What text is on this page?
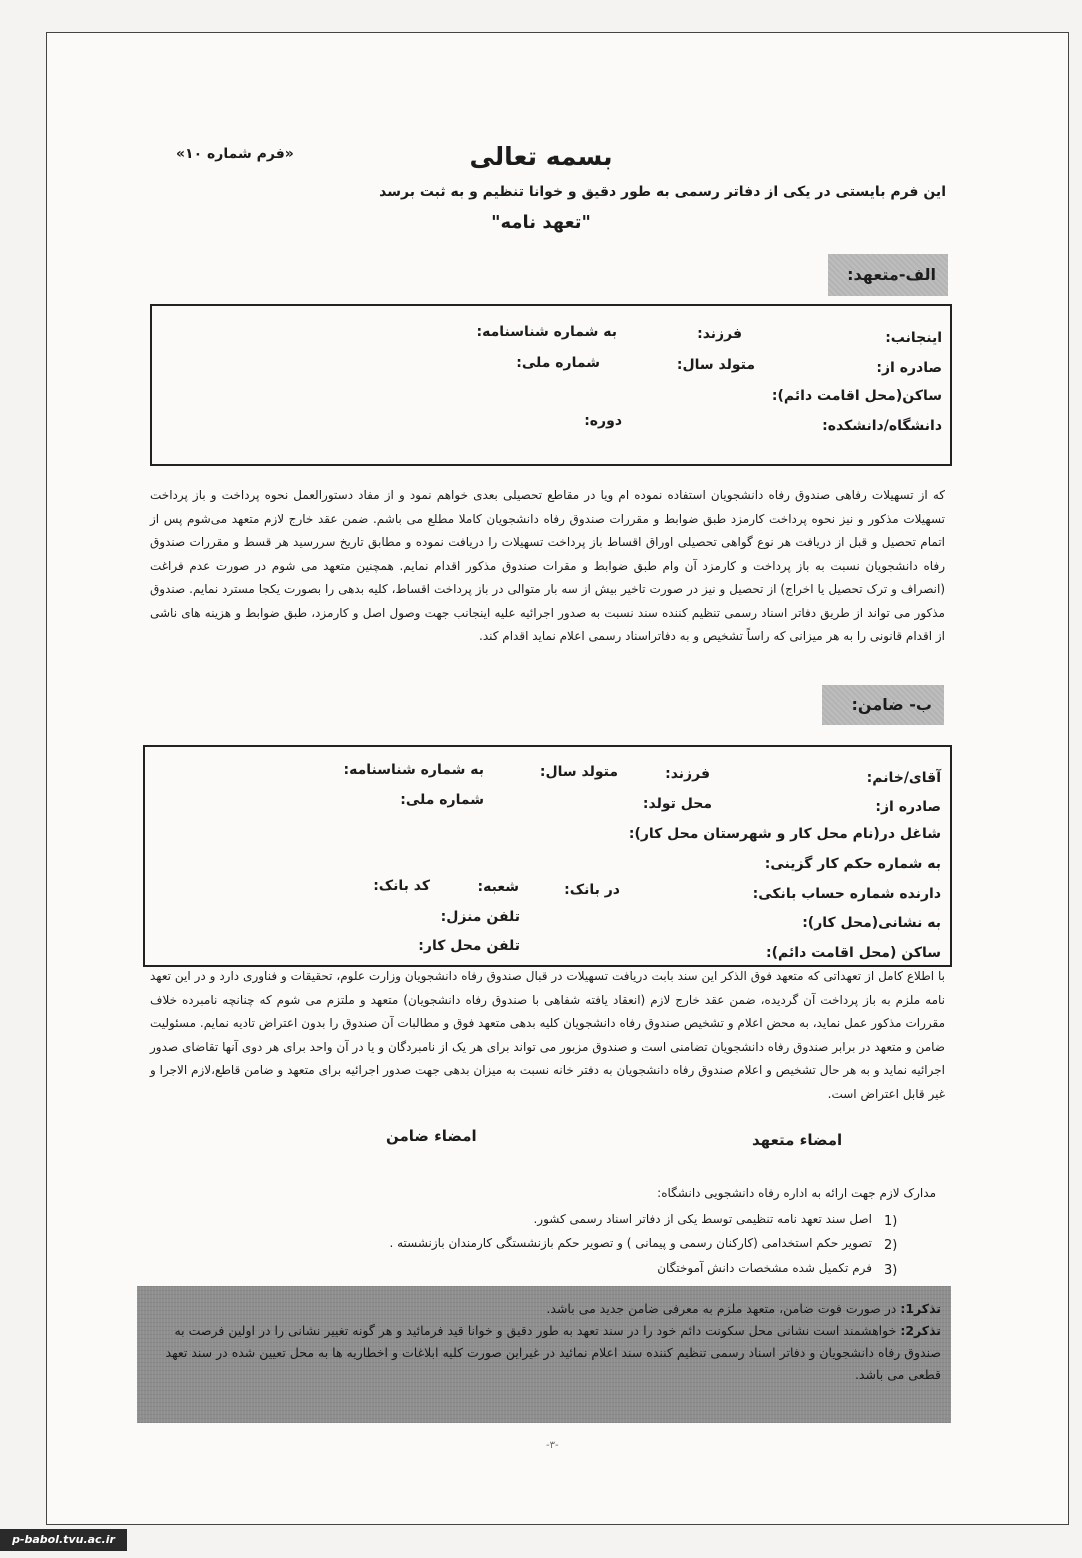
«فرم شماره ۱۰»	بسمه تعالی
این فرم بایستی در یکی از دفاتر رسمی به طور دقیق و خوانا تنظیم و به ثبت برسد
"تعهد نامه"
الف-متعهد:
اینجانب:
فرزند:
به شماره شناسنامه:
صادره از:
متولد سال:
شماره ملی:
ساکن(محل اقامت دائم):
دانشگاه/دانشکده:
دوره:
که از تسهیلات رفاهی صندوق رفاه دانشجویان استفاده نموده ام ویا در مقاطع تحصیلی بعدی خواهم نمود و از مفاد دستورالعمل نحوه پرداخت و باز پرداخت تسهیلات مذکور و نیز نحوه پرداخت کارمزد طبق ضوابط و مقررات صندوق رفاه دانشجویان کاملا مطلع می باشم. ضمن عقد خارج لازم متعهد می‌شوم پس از اتمام تحصیل و قبل از دریافت هر نوع گواهی تحصیلی اوراق اقساط باز پرداخت تسهیلات را دریافت نموده و مطابق تاریخ سررسید هر قسط و مقررات صندوق رفاه دانشجویان نسبت به باز پرداخت و کارمزد آن وام طبق ضوابط و مقرات صندوق مذکور اقدام نمایم. همچنین متعهد می شوم در صورت عدم فراغت (انصراف و ترک تحصیل یا اخراج) از تحصیل و نیز در صورت تاخیر بیش از سه بار متوالی در باز پرداخت اقساط، کلیه بدهی را بصورت یکجا مسترد نمایم. صندوق مذکور می تواند از طریق دفاتر اسناد رسمی تنظیم کننده سند نسبت به صدور اجرائیه علیه اینجانب جهت وصول اصل و کارمزد، طبق ضوابط و هزینه های ناشی از اقدام قانونی را به هر میزانی که راساً تشخیص و به دفاتراسناد رسمی اعلام نماید اقدام کند.
ب- ضامن:
آقای/خانم:
فرزند:
متولد سال:
به شماره شناسنامه:
صادره از:
محل تولد:
شماره ملی:
شاغل در(نام محل کار و شهرستان محل کار):
به شماره حکم کار گزینی:
دارنده شماره حساب بانکی:
در بانک:
شعبه:
کد بانک:
به نشانی(محل کار):
تلفن منزل:
ساکن (محل اقامت دائم):
تلفن محل کار:
با اطلاع کامل از تعهداتی که متعهد فوق الذکر این سند بابت دریافت تسهیلات در قبال صندوق رفاه دانشجویان وزارت علوم، تحقیقات و فناوری دارد و در این تعهد نامه ملزم به باز پرداخت آن گردیده، ضمن عقد خارج لازم (انعقاد یافته شفاهی با صندوق رفاه دانشجویان) متعهد و ملتزم می شوم که چنانچه نامبرده خلاف مقررات مذکور عمل نماید، به محض اعلام و تشخیص صندوق رفاه دانشجویان کلیه بدهی متعهد فوق و مطالبات آن صندوق را بدون اعتراض تادیه نمایم. مسئولیت ضامن و متعهد در برابر صندوق رفاه دانشجویان تضامنی است و صندوق مزبور می تواند برای هر یک از نامبردگان و یا در آن واحد برای هر دوی آنها تقاضای صدور اجرائیه نماید و به هر حال تشخیص و اعلام صندوق رفاه دانشجویان به دفتر خانه نسبت به میزان بدهی جهت صدور اجرائیه برای متعهد و ضامن قاطع،لازم الاجرا و غیر قابل اعتراض است.
امضاء متعهد
امضاء ضامن
مدارک لازم جهت ارائه به اداره رفاه دانشجویی دانشگاه:
1)
اصل سند تعهد نامه تنظیمی توسط یکی از دفاتر اسناد رسمی کشور.
2)
تصویر حکم استخدامی (کارکنان رسمی و پیمانی ) و تصویر حکم بازنشستگی کارمندان بازنشسته .
3)
فرم تکمیل شده مشخصات دانش آموختگان
تذکر1: در صورت فوت ضامن، متعهد ملزم به معرفی ضامن جدید می باشد.
تذکر2: خواهشمند است نشانی محل سکونت دائم خود را در سند تعهد به طور دقیق و خوانا قید فرمائید و هر گونه تغییر نشانی را در اولین فرصت به صندوق رفاه دانشجویان و دفاتر اسناد رسمی تنظیم کننده سند اعلام نمائید در غیراین صورت کلیه ابلاغات و اخطاریه ها به محل تعیین شده در سند تعهد قطعی می باشد.
-۳-
p-babol.tvu.ac.ir
